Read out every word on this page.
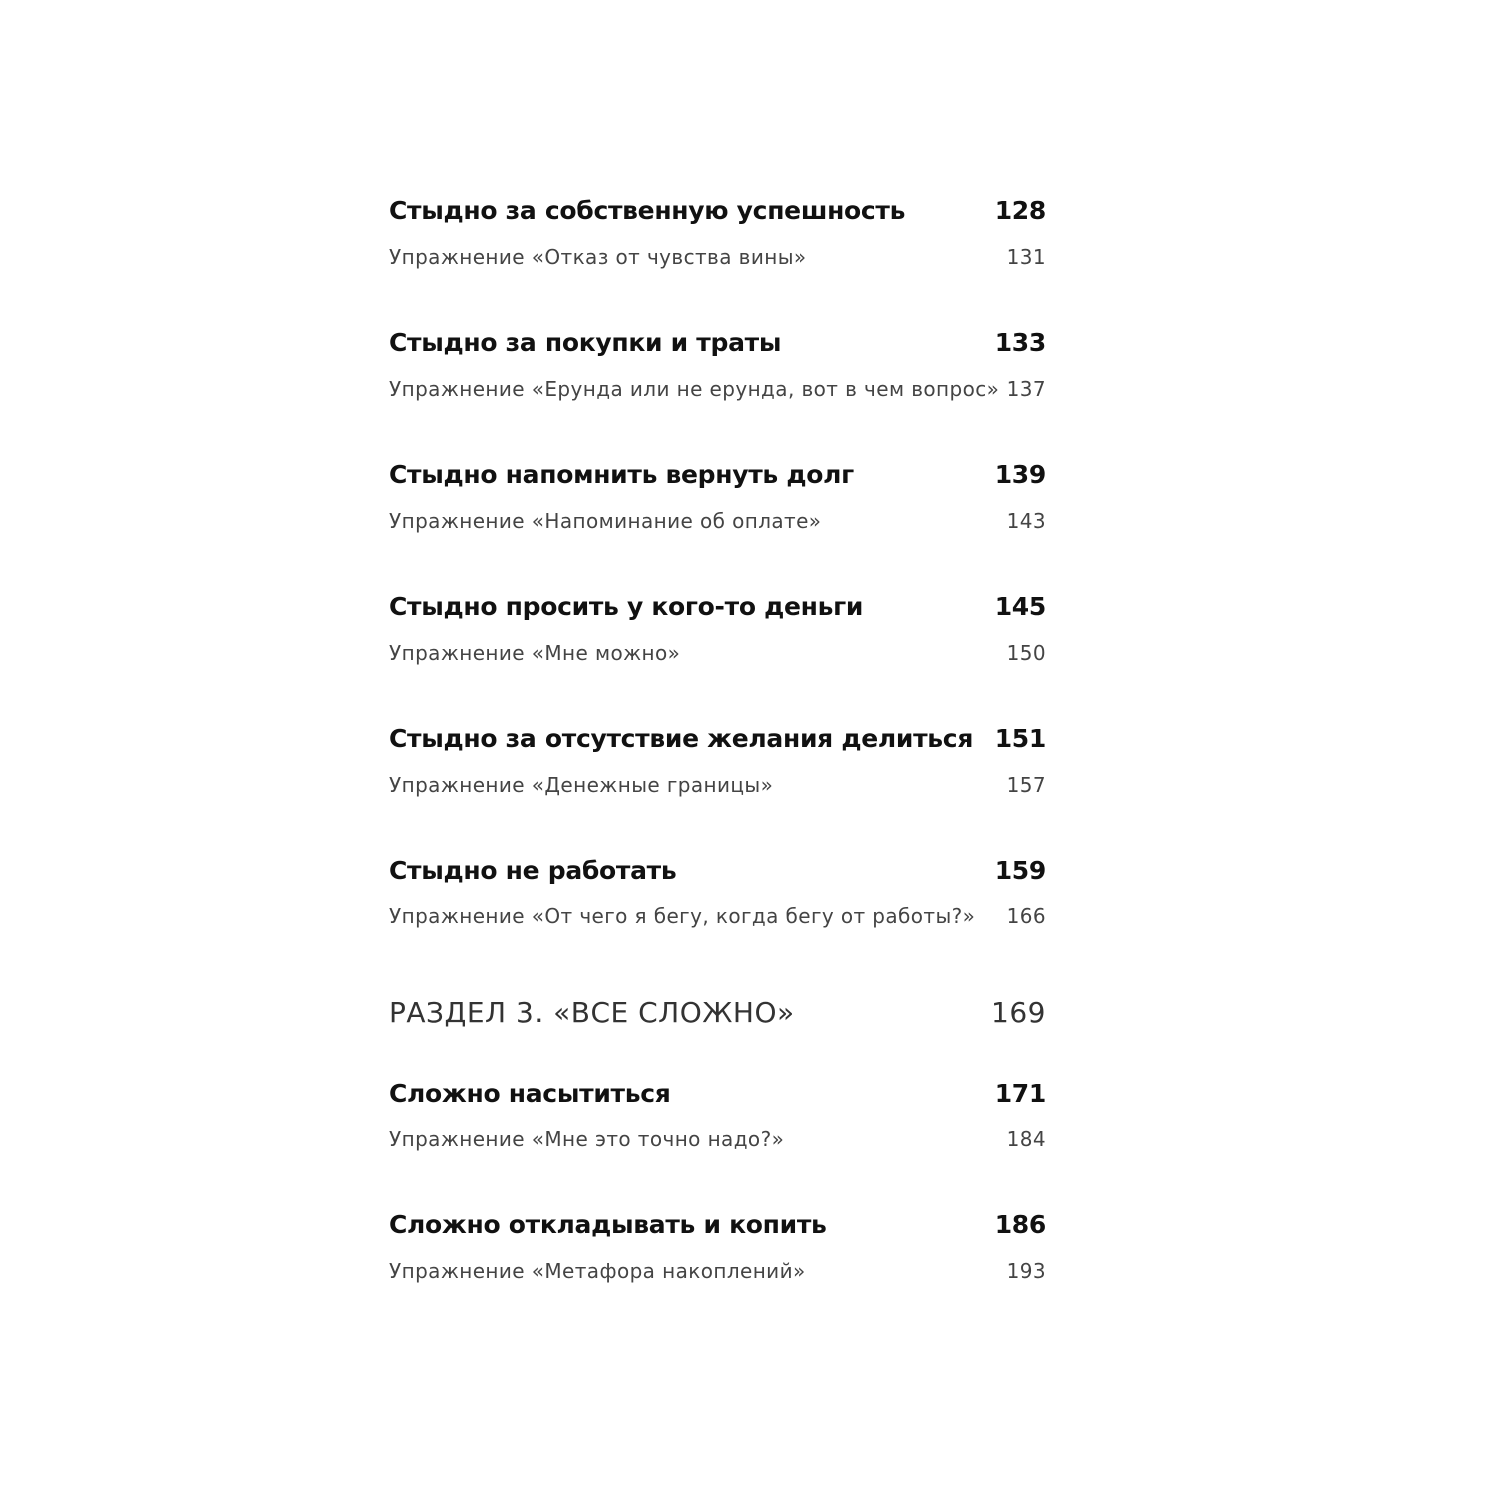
Стыдно за собственную успешность	128
Упражнение «Отказ от чувства вины»	131
Стыдно за покупки и траты	133
Упражнение «Ерунда или не ерунда, вот в чем вопрос» 137
Стыдно напомнить вернуть долг	139
Упражнение «Напоминание об оплате»	143
Стыдно просить у кого-то деньги	145
Упражнение «Мне можно»	150
Стыдно за отсутствие желания делиться 151
Упражнение «Денежные границы»	157
Стыдно не работать	159
Упражнение «От чего я бегу, когда бегу от работы?» 166
РАЗДЕЛ 3. «ВСЕ СЛОЖНО»	169
Сложно насытиться	171
Упражнение «Мне это точно надо?»	184
Сложно откладывать и копить	186
Упражнение «Метафора накоплений»	193
